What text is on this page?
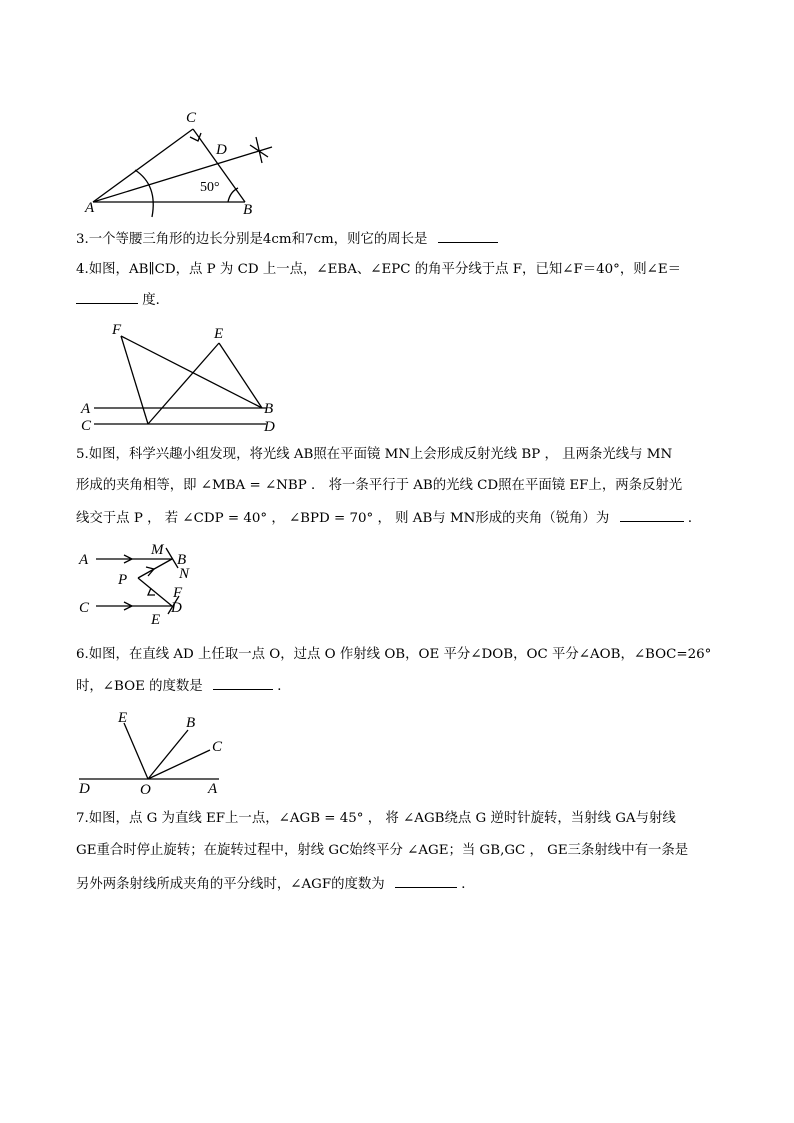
A	B
C
D
50°
3.一个等腰三角形的边长分别是4cm和7cm，则它的周长是
4.如图，AB∥CD，点 P 为 CD 上一点，∠EBA、∠EPC 的角平分线于点 F，已知∠F＝40°，则∠E＝
度．
F	E
A	B
C	D
5.如图，科学兴趣小组发现，将光线 AB照在平面镜 MN上会形成反射光线 BP ， 且两条光线与 MN
形成的夹角相等，即 ∠MBA = ∠NBP ． 将一条平行于 AB的光线 CD照在平面镜 EF上，两条反射光
线交于点 P ， 若 ∠CDP = 40° ， ∠BPD = 70° ， 则 AB与 MN形成的夹角（锐角）为	．
A
M
B
N
P
F
C	D
E
6.如图，在直线 AD 上任取一点 O，过点 O 作射线 OB，OE 平分∠DOB，OC 平分∠AOB，∠BOC=26°
时，∠BOE 的度数是	．
E	B
C
D	O	A
7.如图，点 G 为直线 EF上一点，∠AGB = 45° ， 将 ∠AGB绕点 G 逆时针旋转，当射线 GA与射线
GE重合时停止旋转；在旋转过程中，射线 GC始终平分 ∠AGE；当 GB,GC ， GE三条射线中有一条是
另外两条射线所成夹角的平分线时，∠AGF的度数为	．
